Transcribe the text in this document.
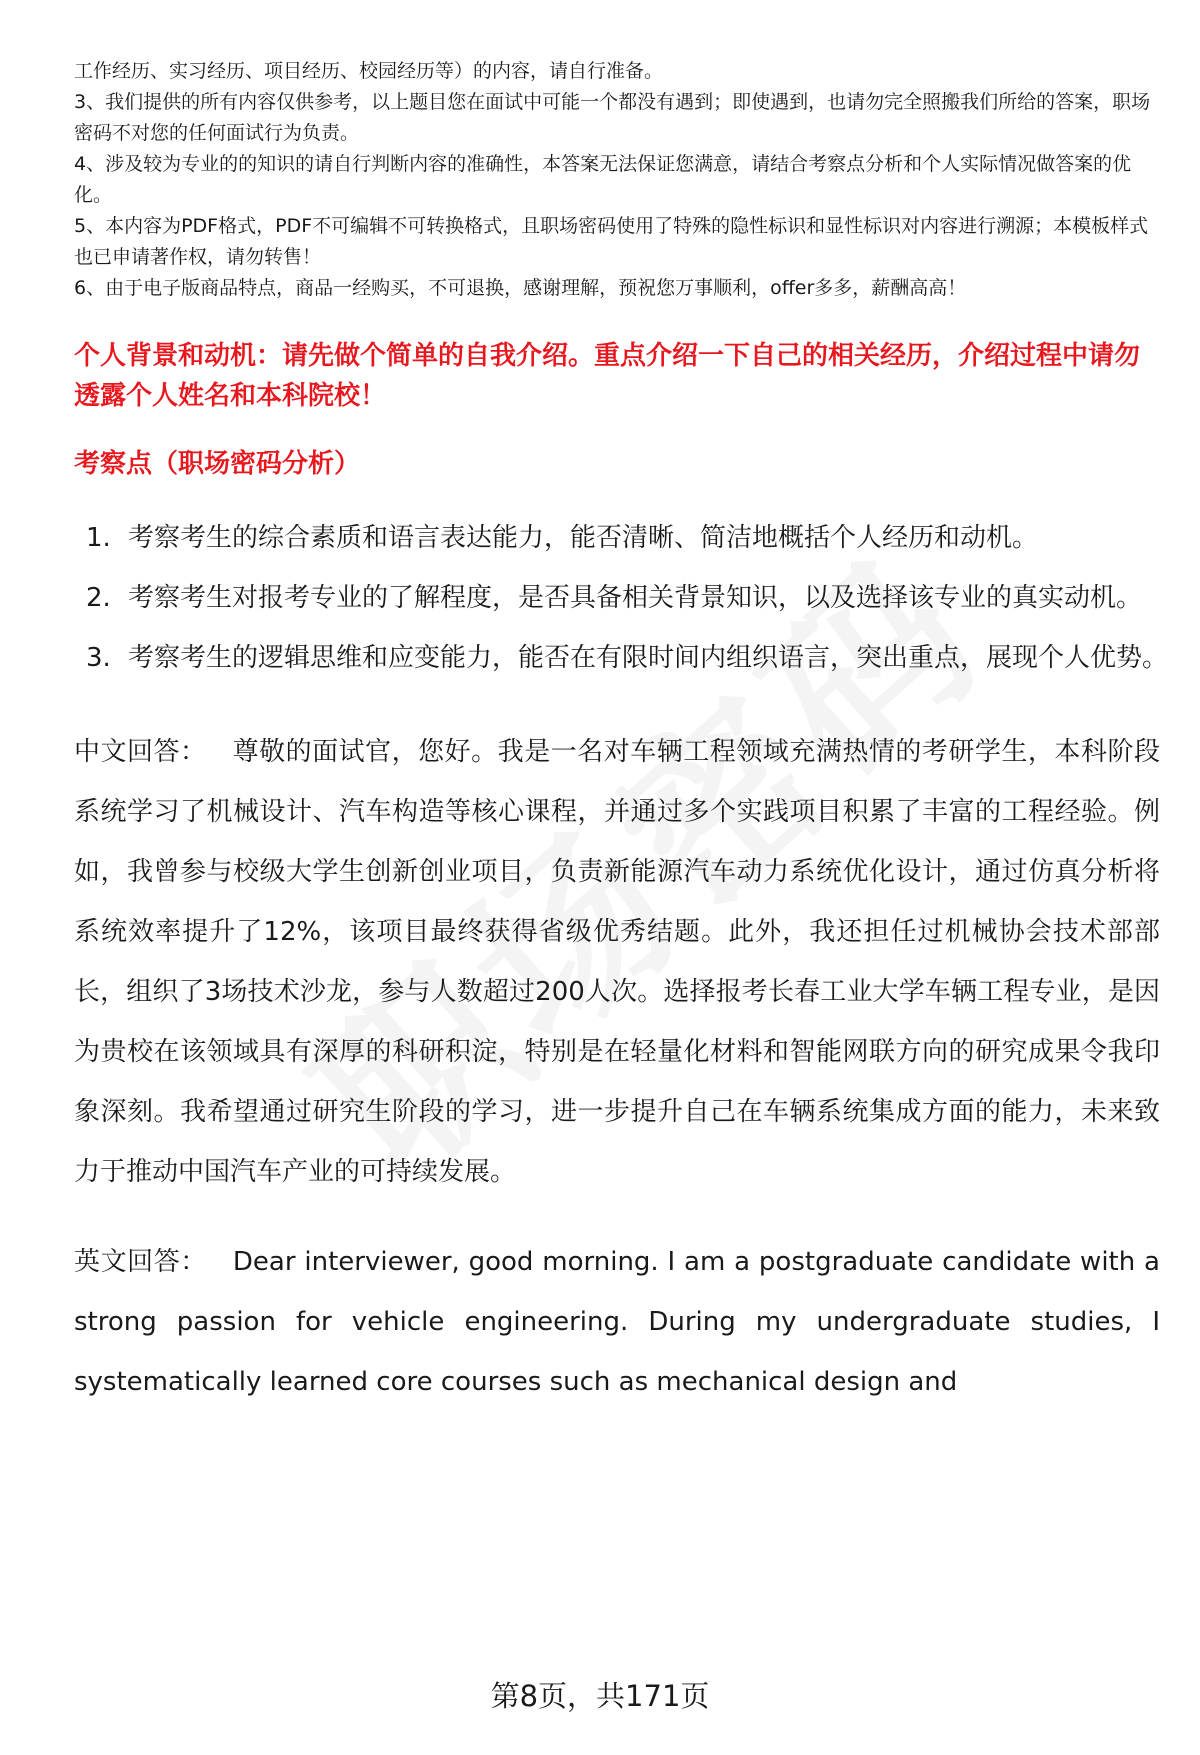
工作经历、实习经历、项目经历、校园经历等）的内容，请自行准备。

3、我们提供的所有内容仅供参考，以上题目您在面试中可能一个都没有遇到；即使遇到，也请勿完全照搬我们所给的答案，职场密码不对您的任何面试行为负责。

4、涉及较为专业的的知识的请自行判断内容的准确性，本答案无法保证您满意，请结合考察点分析和个人实际情况做答案的优化。

5、本内容为PDF格式，PDF不可编辑不可转换格式，且职场密码使用了特殊的隐性标识和显性标识对内容进行溯源；本模板样式也已申请著作权，请勿转售！

6、由于电子版商品特点，商品一经购买，不可退换，感谢理解，预祝您万事顺利，offer多多，薪酬高高！

个人背景和动机：请先做个简单的自我介绍。重点介绍一下自己的相关经历，介绍过程中请勿透露个人姓名和本科院校！
考察点（职场密码分析）
1. 考察考生的综合素质和语言表达能力，能否清晰、简洁地概括个人经历和动机。
2. 考察考生对报考专业的了解程度，是否具备相关背景知识，以及选择该专业的真实动机。
3. 考察考生的逻辑思维和应变能力，能否在有限时间内组织语言，突出重点，展现个人优势。
中文回答： 尊敬的面试官，您好。我是一名对车辆工程领域充满热情的考研学生，本科阶段系统学习了机械设计、汽车构造等核心课程，并通过多个实践项目积累了丰富的工程经验。例如，我曾参与校级大学生创新创业项目，负责新能源汽车动力系统优化设计，通过仿真分析将系统效率提升了12%，该项目最终获得省级优秀结题。此外，我还担任过机械协会技术部部长，组织了3场技术沙龙，参与人数超过200人次。选择报考长春工业大学车辆工程专业，是因为贵校在该领域具有深厚的科研积淀，特别是在轻量化材料和智能网联方向的研究成果令我印象深刻。我希望通过研究生阶段的学习，进一步提升自己在车辆系统集成方面的能力，未来致力于推动中国汽车产业的可持续发展。
英文回答： Dear interviewer, good morning. I am a postgraduate candidate with a strong passion for vehicle engineering. During my undergraduate studies, I systematically learned core courses such as mechanical design and
第8页，共171页
